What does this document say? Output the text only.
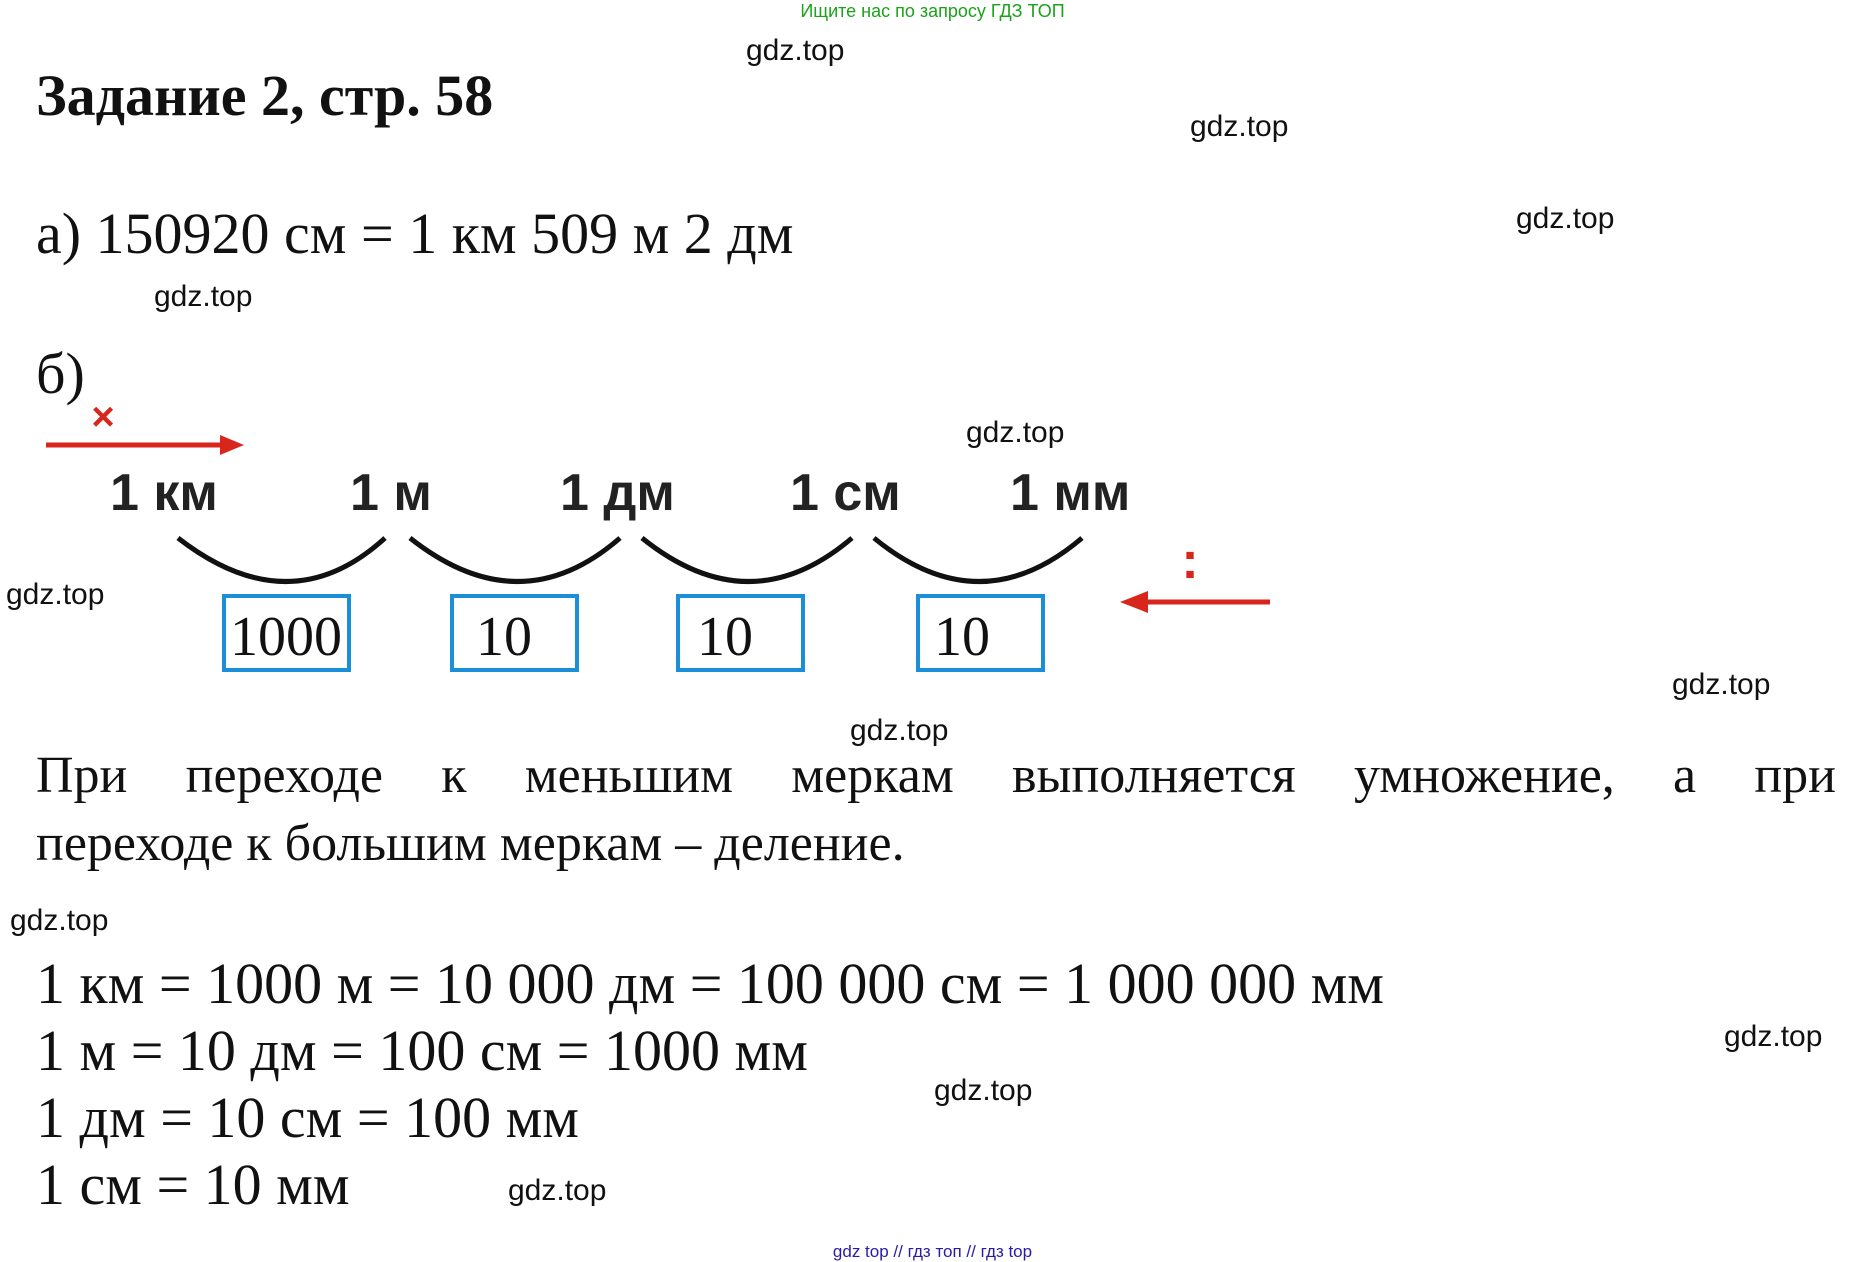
Ищите нас по запросу ГДЗ ТОП
gdz.top
gdz.top
gdz.top
gdz.top
gdz.top
gdz.top
gdz.top
gdz.top
gdz.top
gdz.top
gdz.top
gdz.top
Задание 2, стр. 58
а) 150920 см = 1 км 509 м 2 дм
б)
×
1 км	1 м 1 дм 1 см 1 мм
:
1000 10	10	10
При переходе к меньшим меркам выполняется умножение, а при
переходе к большим меркам – деление.
1 км = 1000 м = 10 000 дм = 100 000 см = 1 000 000 мм
1 м = 10 дм = 100 см = 1000 мм
1 дм = 10 см = 100 мм
1 см = 10 мм
gdz top // гдз топ // гдз top
